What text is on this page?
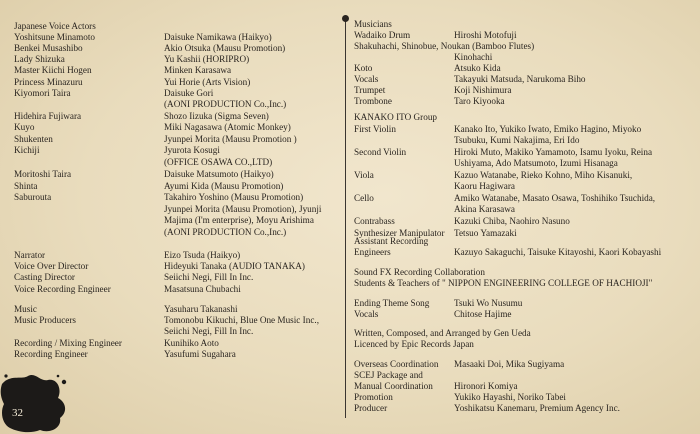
Japanese Voice Actors
Yoshitsune Minamoto	Daisuke Namikawa (Haikyo)
Benkei Musashibo	Akio Otsuka (Mausu Promotion)
Lady Shizuka	Yu Kashii (HORIPRO)
Master Kiichi Hogen	Minken Karasawa
Princess Minazuru	Yui Horie (Arts Vision)
Kiyomori Taira	Daisuke Gori
(AONI PRODUCTION Co.,Inc.)
Hidehira Fujiwara	Shozo Iizuka (Sigma Seven)
Kuyo	Miki Nagasawa (Atomic Monkey)
Shukenten	Jyunpei Morita (Mausu Promotion )
Kichiji	Jyurota Kosugi
(OFFICE OSAWA CO.,LTD)
Moritoshi Taira	Daisuke Matsumoto (Haikyo)
Shinta	Ayumi Kida (Mausu Promotion)
Saburouta	Takahiro Yoshino (Mausu Promotion)
Jyunpei Morita (Mausu Promotion), Jyunji
Majima (I'm enterprise), Moyu Arishima
(AONI PRODUCTION Co.,Inc.)
Narrator	Eizo Tsuda (Haikyo)
Voice Over Director	Hideyuki Tanaka (AUDIO TANAKA)
Casting Director	Seiichi Negi, Fill In Inc.
Voice Recording Engineer	Masatsuna Chubachi
Music	Yasuharu Takanashi
Music Producers	Tomonobu Kikuchi, Blue One Music Inc.,
Seiichi Negi, Fill In Inc.
Recording / Mixing Engineer	Kunihiko Aoto
Recording Engineer	Yasufumi Sugahara
Musicians
Wadaiko Drum	Hiroshi Motofuji
Shakuhachi, Shinobue, Noukan (Bamboo Flutes)
Kinohachi
Koto	Atsuko Kida
Vocals	Takayuki Matsuda, Narukoma Biho
Trumpet	Koji Nishimura
Trombone	Taro Kiyooka
KANAKO ITO Group
First Violin	Kanako Ito, Yukiko Iwato, Emiko Hagino, Miyoko
Tsubuku, Kumi Nakajima, Eri Ido
Second Violin	Hiroki Muto, Makiko Yamamoto, Isamu Iyoku, Reina
Ushiyama, Ado Matsumoto, Izumi Hisanaga
Viola	Kazuo Watanabe, Rieko Kohno, Miho Kisanuki,
Kaoru Hagiwara
Cello	Amiko Watanabe, Masato Osawa, Toshihiko Tsuchida,
Akina Karasawa
Contrabass	Kazuki Chiba, Naohiro Nasuno
Synthesizer Manipulator Tetsuo Yamazaki
Assistant Recording
Engineers	Kazuyo Sakaguchi, Taisuke Kitayoshi, Kaori Kobayashi
Sound FX Recording Collaboration
Students & Teachers of " NIPPON ENGINEERING COLLEGE OF HACHIOJI"
Ending Theme Song	Tsuki Wo Nusumu
Vocals	Chitose Hajime
Written, Composed, and Arranged by Gen Ueda
Licenced by Epic Records Japan
Overseas Coordination Masaaki Doi, Mika Sugiyama
SCEJ Package and
Manual Coordination Hironori Komiya
Promotion	Yukiko Hayashi, Noriko Tabei
Producer	Yoshikatsu Kanemaru, Premium Agency Inc.
32
